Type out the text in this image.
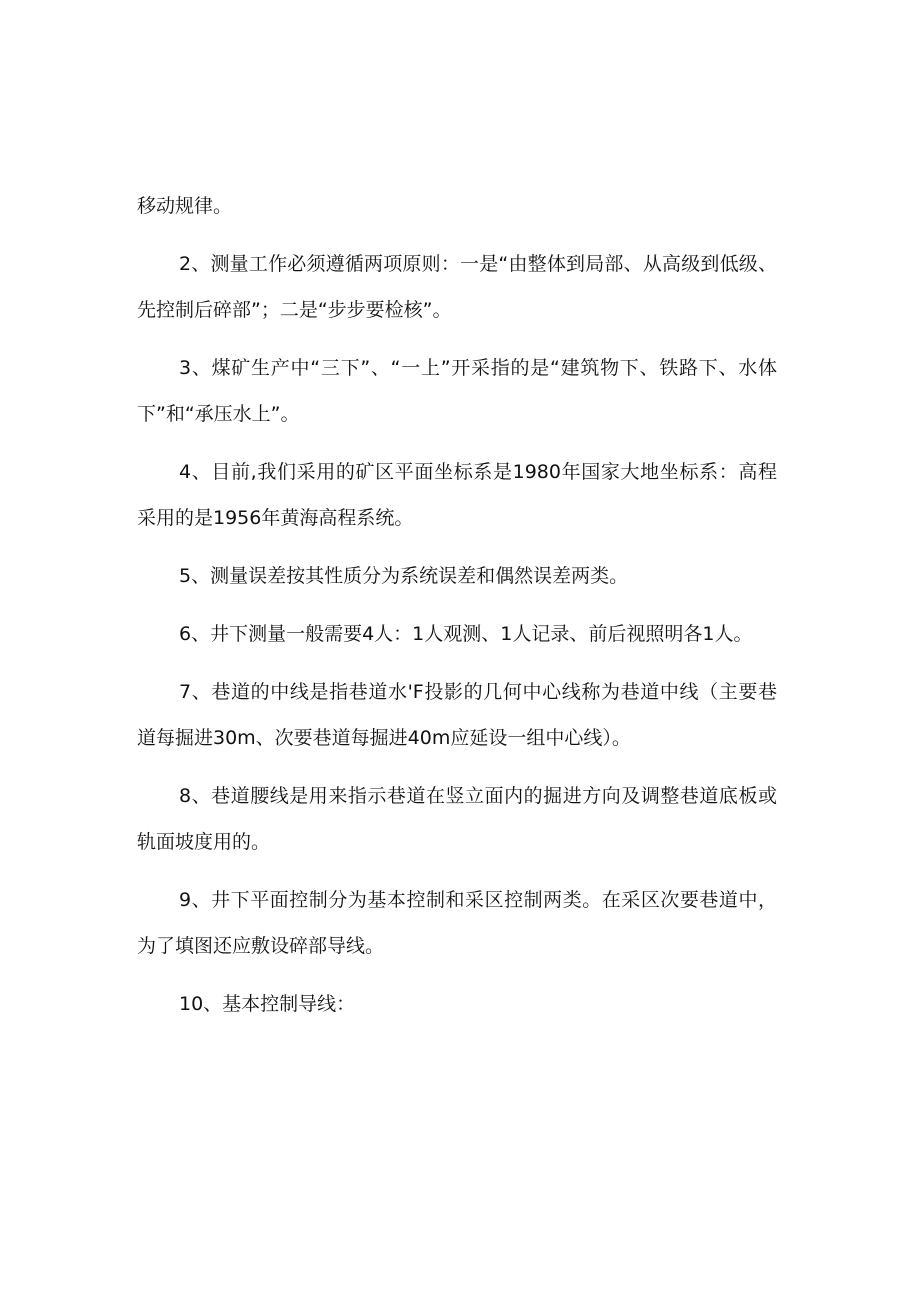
移动规律。

2、测量工作必须遵循两项原则：一是“由整体到局部、从高级到低级、先控制后碎部”；二是“步步要检核”。

3、煤矿生产中“三下”、“一上”开采指的是“建筑物下、铁路下、水体下”和“承压水上”。

4、目前,我们采用的矿区平面坐标系是1980年国家大地坐标系：高程采用的是1956年黄海高程系统。

5、测量误差按其性质分为系统误差和偶然误差两类。

6、井下测量一般需要4人：1人观测、1人记录、前后视照明各1人。

7、巷道的中线是指巷道水'F投影的几何中心线称为巷道中线（主要巷道每掘进30m、次要巷道每掘进40m应延设一组中心线）。

8、巷道腰线是用来指示巷道在竖立面内的掘进方向及调整巷道底板或轨面坡度用的。

9、井下平面控制分为基本控制和采区控制两类。在采区次要巷道中，为了填图还应敷设碎部导线。

10、基本控制导线：
